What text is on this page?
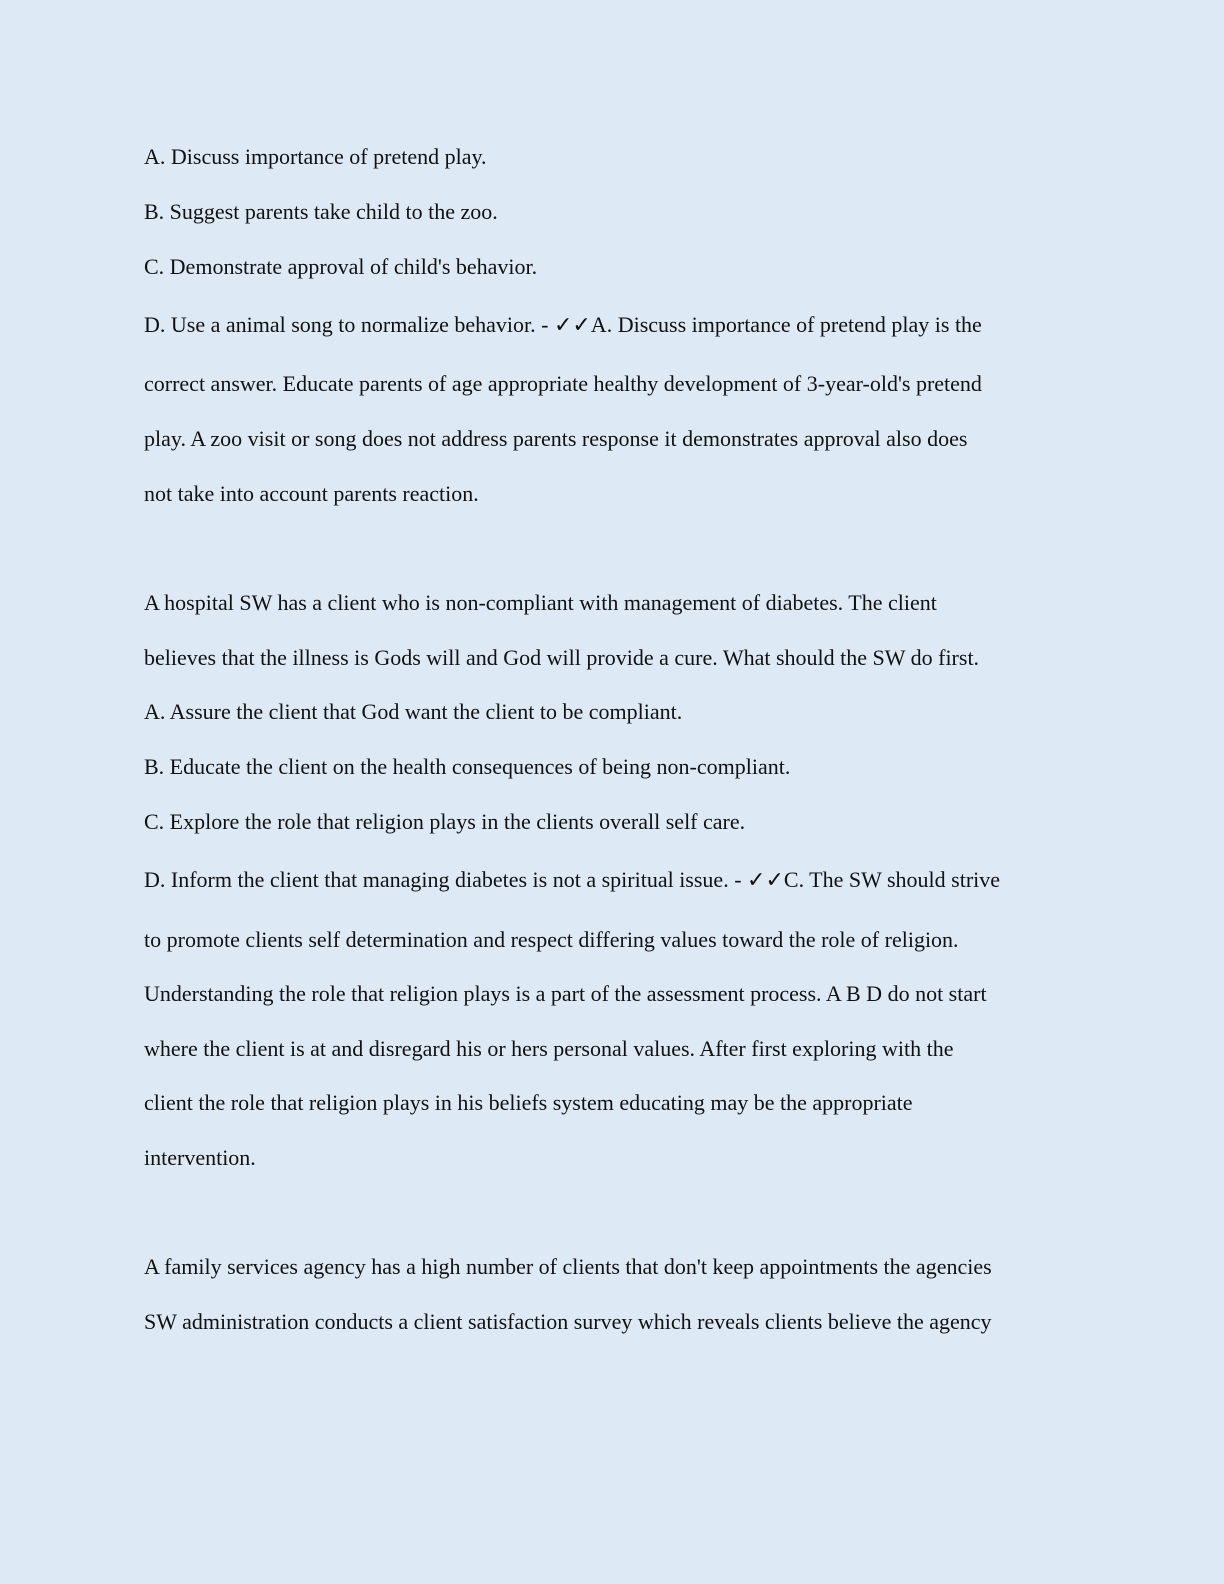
A. Discuss importance of pretend play.

B. Suggest parents take child to the zoo.

C. Demonstrate approval of child's behavior.

D. Use a animal song to normalize behavior. - ✓✓A. Discuss importance of pretend play is the

correct answer. Educate parents of age appropriate healthy development of 3-year-old's pretend

play. A zoo visit or song does not address parents response it demonstrates approval also does

not take into account parents reaction.

A hospital SW has a client who is non-compliant with management of diabetes. The client

believes that the illness is Gods will and God will provide a cure. What should the SW do first.

A. Assure the client that God want the client to be compliant.

B. Educate the client on the health consequences of being non-compliant.

C. Explore the role that religion plays in the clients overall self care.

D. Inform the client that managing diabetes is not a spiritual issue. - ✓✓C. The SW should strive

to promote clients self determination and respect differing values toward the role of religion.

Understanding the role that religion plays is a part of the assessment process. A B D do not start

where the client is at and disregard his or hers personal values. After first exploring with the

client the role that religion plays in his beliefs system educating may be the appropriate

intervention.

A family services agency has a high number of clients that don't keep appointments the agencies

SW administration conducts a client satisfaction survey which reveals clients believe the agency
